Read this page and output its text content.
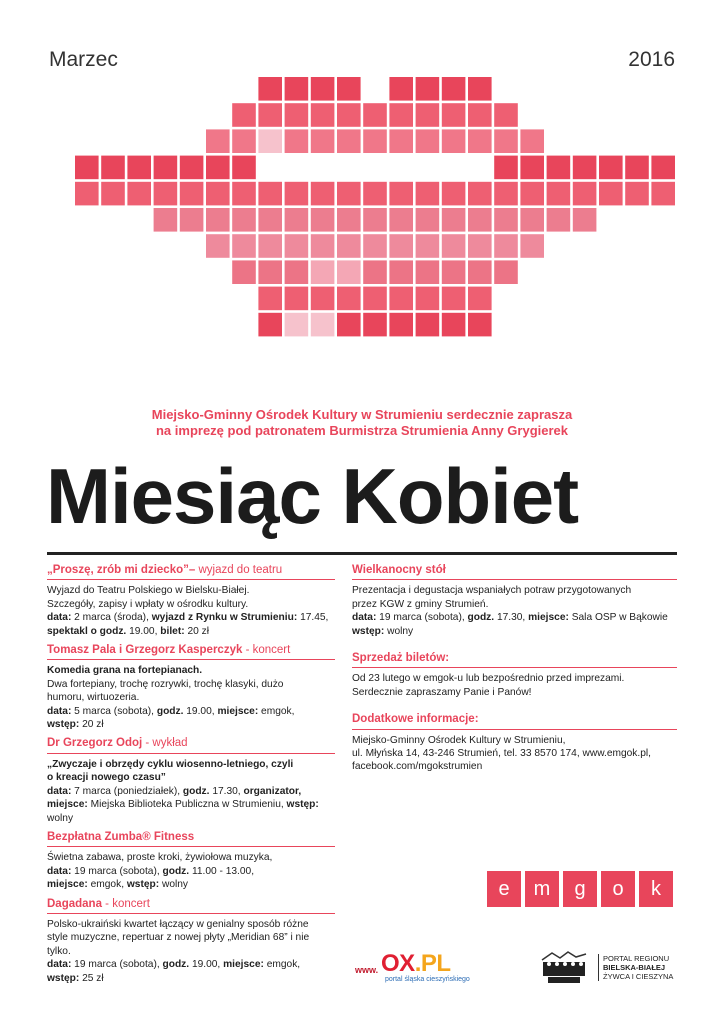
Marzec	2016
Miejsko-Gminny Ośrodek Kultury w Strumieniu serdecznie zaprasza
na imprezę pod patronatem Burmistrza Strumienia Anny Grygierek
Miesiąc Kobiet
„Proszę, zrób mi dziecko”– wyjazd do teatru
Wyjazd do Teatru Polskiego w Bielsku-Białej.
Szczegóły, zapisy i wpłaty w ośrodku kultury.
data: 2 marca (środa), wyjazd z Rynku w Strumieniu: 17.45,
spektakl o godz. 19.00, bilet: 20 zł
Tomasz Pala i Grzegorz Kasperczyk - koncert
Komedia grana na fortepianach.
Dwa fortepiany, trochę rozrywki, trochę klasyki, dużo
humoru, wirtuozeria.
data: 5 marca (sobota), godz. 19.00, miejsce: emgok,
wstęp: 20 zł
Dr Grzegorz Odoj - wykład
„Zwyczaje i obrzędy cyklu wiosenno-letniego, czyli
o kreacji nowego czasu”
data: 7 marca (poniedziałek), godz. 17.30, organizator,
miejsce: Miejska Biblioteka Publiczna w Strumieniu, wstęp:
wolny
Bezpłatna Zumba® Fitness
Świetna zabawa, proste kroki, żywiołowa muzyka,
data: 19 marca (sobota), godz. 11.00 - 13.00,
miejsce: emgok, wstęp: wolny
Dagadana - koncert
Polsko-ukraiński kwartet łączący w genialny sposób różne
style muzyczne, repertuar z nowej płyty „Meridian 68” i nie
tylko.
data: 19 marca (sobota), godz. 19.00, miejsce: emgok,
wstęp: 25 zł
Wielkanocny stół
Prezentacja i degustacja wspaniałych potraw przygotowanych
przez KGW z gminy Strumień.
data: 19 marca (sobota), godz. 17.30, miejsce: Sala OSP w Bąkowie
wstęp: wolny
Sprzedaż biletów:
Od 23 lutego w emgok-u lub bezpośrednio przed imprezami.
Serdecznie zapraszamy Panie i Panów!
Dodatkowe informacje:
Miejsko-Gminny Ośrodek Kultury w Strumieniu,
ul. Młyńska 14, 43-246 Strumień, tel. 33 8570 174, www.emgok.pl,
facebook.com/mgokstrumien
e	m	g	o	k
www. OX.PL
portal śląska cieszyńskiego
PORTAL REGIONU
BIELSKA-BIAŁEJ
ŻYWCA I CIESZYNA
